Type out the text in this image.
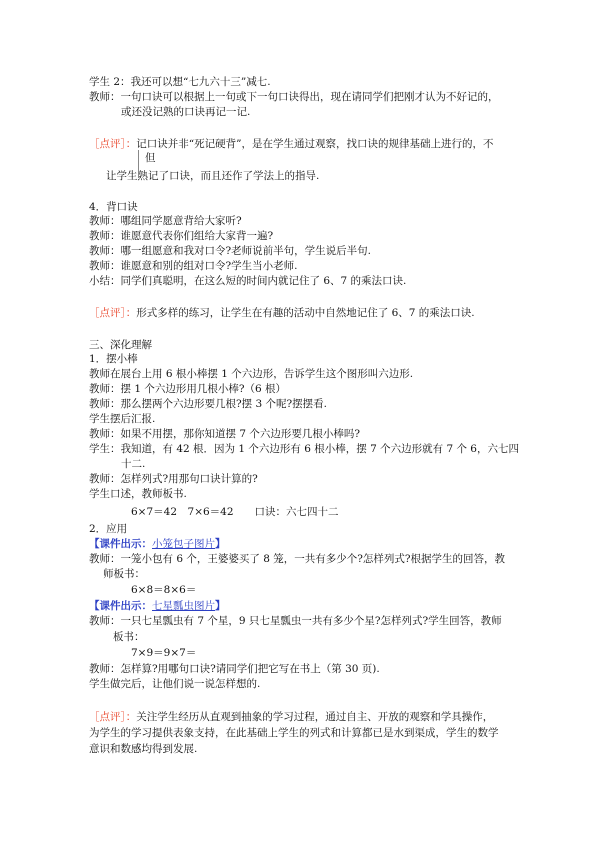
学生 2：我还可以想“七九六十三”减七.
教师：一句口诀可以根据上一句或下一句口诀得出，现在请同学们把刚才认为不好记的，
或还没记熟的口诀再记一记.
［点评］：记口诀并非“死记硬背”，是在学生通过观察，找口诀的规律基础上进行的，不
但
让学生熟记了口诀，而且还作了学法上的指导.
4．背口诀
教师：哪组同学愿意背给大家听?
教师：谁愿意代表你们组给大家背一遍?
教师：哪一组愿意和我对口令?老师说前半句，学生说后半句.
教师：谁愿意和别的组对口令?学生当小老师.
小结：同学们真聪明，在这么短的时间内就记住了 6、7 的乘法口诀.
［点评］：形式多样的练习，让学生在有趣的活动中自然地记住了 6、7 的乘法口诀.
三、深化理解
1．摆小棒
教师在展台上用 6 根小棒摆 1 个六边形，告诉学生这个图形叫六边形.
教师：摆 1 个六边形用几根小棒?（6 根）
教师：那么摆两个六边形要几根?摆 3 个呢?摆摆看.
学生摆后汇报.
教师：如果不用摆，那你知道摆 7 个六边形要几根小棒吗?
学生：我知道，有 42 根．因为 1 个六边形有 6 根小棒，摆 7 个六边形就有 7 个 6，六七四
十二.
教师：怎样列式?用那句口诀计算的?
学生口述，教师板书.
6×7＝42　7×6＝42　　口诀：六七四十二
2．应用
【课件出示：小笼包子图片】
教师：一笼小包有 6 个，王婆婆买了 8 笼，一共有多少个?怎样列式?根据学生的回答，教
师板书：
6×8＝8×6＝
【课件出示：七星瓢虫图片】
教师：一只七星瓢虫有 7 个星，9 只七星瓢虫一共有多少个星?怎样列式?学生回答，教师
板书：
7×9＝9×7＝
教师：怎样算?用哪句口诀?请同学们把它写在书上（第 30 页).
学生做完后，让他们说一说怎样想的.
［点评］：关注学生经历从直观到抽象的学习过程，通过自主、开放的观察和学具操作，
为学生的学习提供表象支持，在此基础上学生的列式和计算都已是水到渠成，学生的数学
意识和数感均得到发展.
